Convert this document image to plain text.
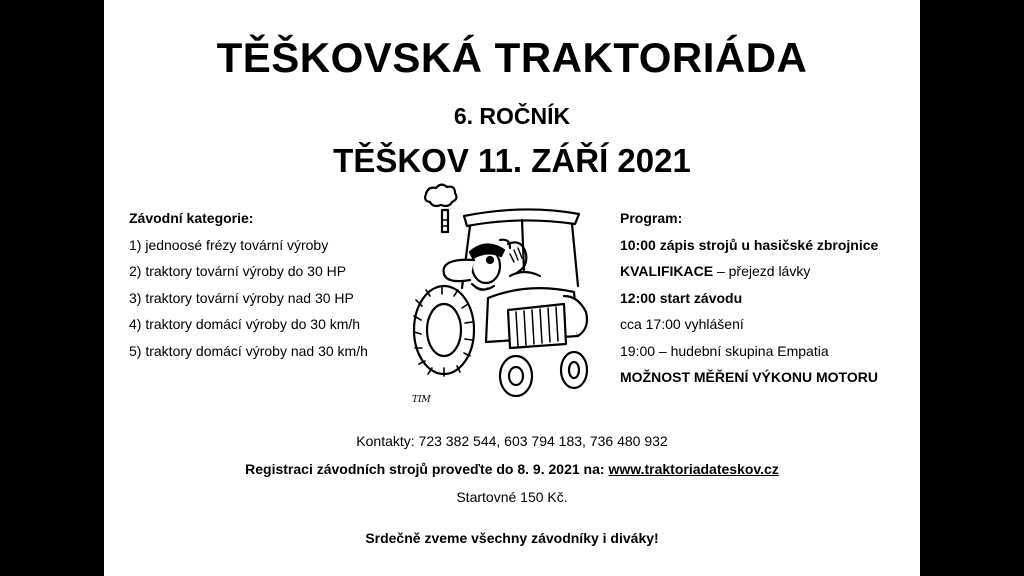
TĚŠKOVSKÁ TRAKTORIÁDA
6. ROČNÍK
TĚŠKOV 11. ZÁŘÍ 2021
Závodní kategorie:
1) jednoosé frézy tovární výroby
2) traktory tovární výroby do 30 HP
3) traktory tovární výroby nad 30 HP
4) traktory domácí výroby do 30 km/h
5) traktory domácí výroby nad 30 km/h
TIM
Program:
10:00 zápis strojů u hasičské zbrojnice
KVALIFIKACE – přejezd lávky
12:00 start závodu
cca 17:00 vyhlášení
19:00 – hudební skupina Empatia
MOŽNOST MĚŘENÍ VÝKONU MOTORU
Kontakty: 723 382 544, 603 794 183, 736 480 932
Registraci závodních strojů proveďte do 8. 9. 2021 na: www.traktoriadateskov.cz
Startovné 150 Kč.
Srdečně zveme všechny závodníky i diváky!
